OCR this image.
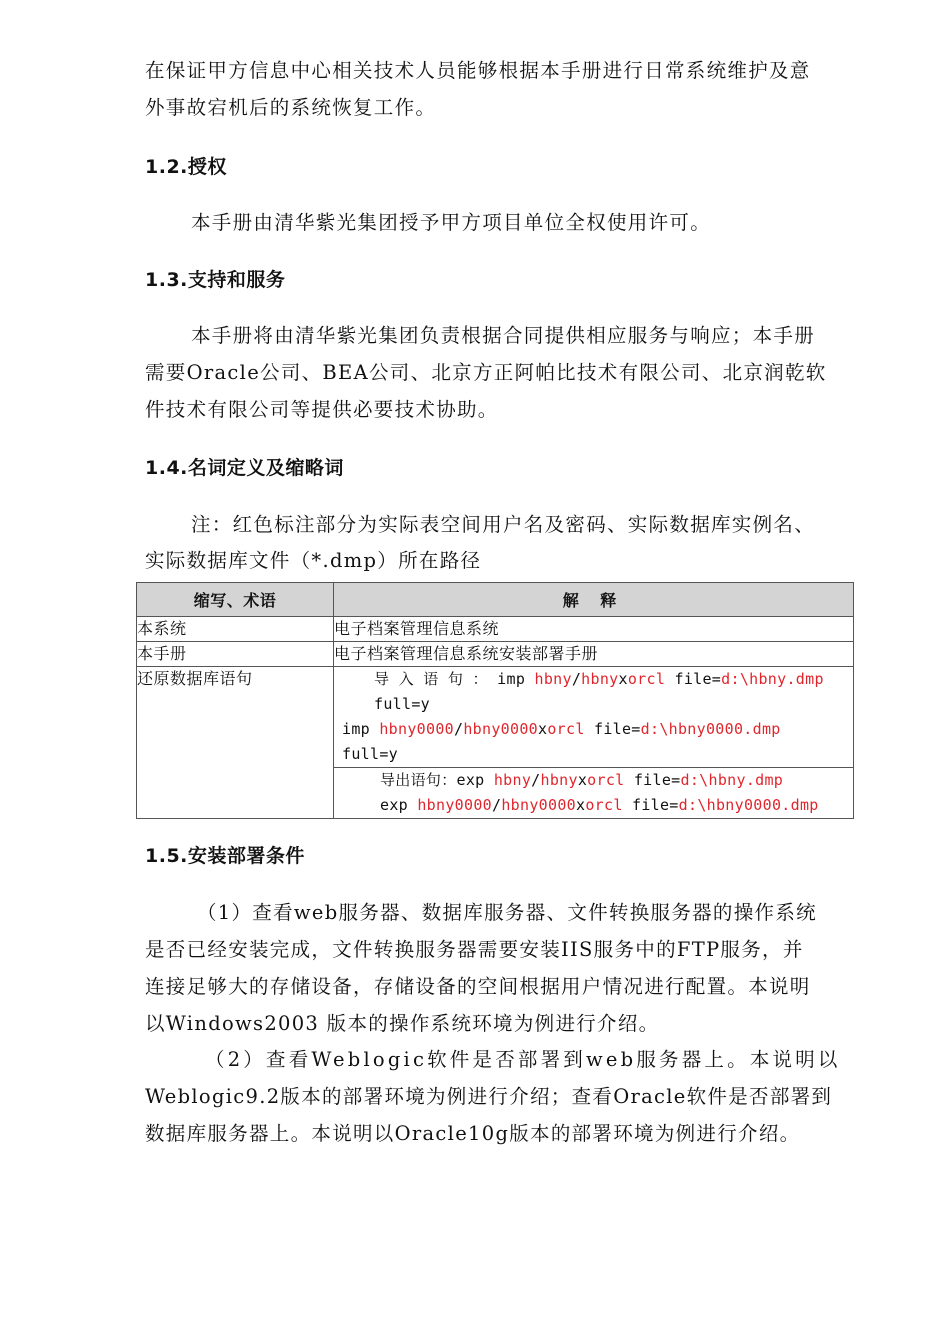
在保证甲方信息中心相关技术人员能够根据本手册进行日常系统维护及意

外事故宕机后的系统恢复工作。

1.2.授权

本手册由清华紫光集团授予甲方项目单位全权使用许可。

1.3.支持和服务

本手册将由清华紫光集团负责根据合同提供相应服务与响应；本手册

需要Oracle公司、BEA公司、北京方正阿帕比技术有限公司、北京润乾软

件技术有限公司等提供必要技术协助。

1.4.名词定义及缩略词

注：红色标注部分为实际表空间用户名及密码、实际数据库实例名、

实际数据库文件（*.dmp）所在路径

缩写、术语	解 释
本系统	电子档案管理信息系统
本手册	电子档案管理信息系统安装部署手册
还原数据库语句	导 入 语 句 ： imp hbny/hbnyxorcl file=d:\hbny.dmp
full=y
imp hbny0000/hbny0000xorcl file=d:\hbny0000.dmp
full=y

	导出语句：exp hbny/hbnyxorcl file=d:\hbny.dmp
exp hbny0000/hbny0000xorcl file=d:\hbny0000.dmp
1.5.安装部署条件

（1）查看web服务器、数据库服务器、文件转换服务器的操作系统

是否已经安装完成，文件转换服务器需要安装IIS服务中的FTP服务，并

连接足够大的存储设备，存储设备的空间根据用户情况进行配置。本说明

以Windows2003 版本的操作系统环境为例进行介绍。

（2）查看Weblogic软件是否部署到web服务器上。本说明以

Weblogic9.2版本的部署环境为例进行介绍；查看Oracle软件是否部署到

数据库服务器上。本说明以Oracle10g版本的部署环境为例进行介绍。
